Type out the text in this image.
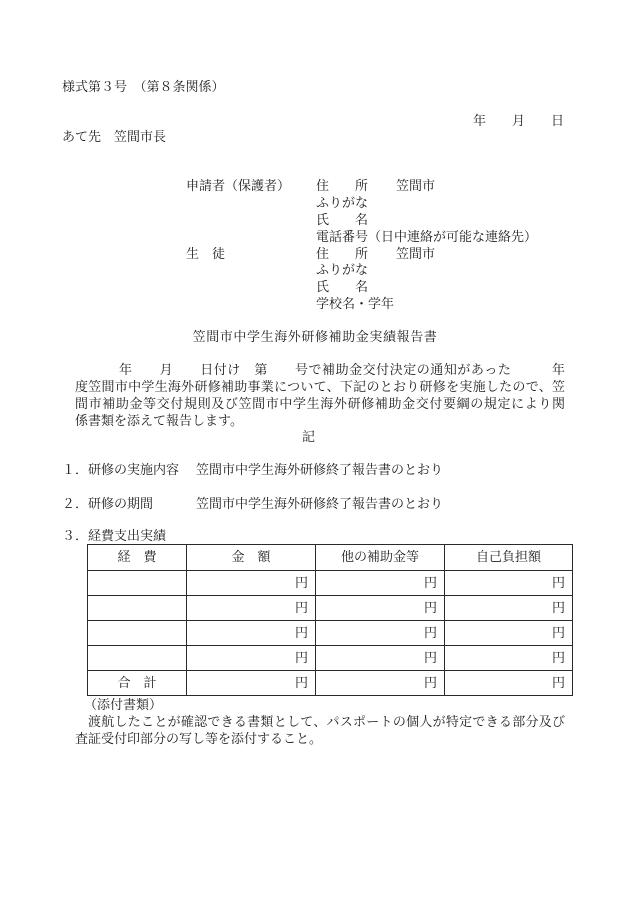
様式第３号　（第８条関係）
年　　月　　日
あて先　笠間市長
申請者（保護者） 住　　所 笠間市
ふりがな
氏　　名
電話番号（日中連絡が可能な連絡先）
生　徒	住　　所 笠間市
ふりがな
氏　　名
学校名・学年
笠間市中学生海外研修補助金実績報告書
年　　月　　日付け　第　　号で補助金交付決定の通知があった　　　年
度笠間市中学生海外研修補助事業について、下記のとおり研修を実施したので、笠
間市補助金等交付規則及び笠間市中学生海外研修補助金交付要綱の規定により関
係書類を添えて報告します。
記
１．研修の実施内容 笠間市中学生海外研修終了報告書のとおり
２．研修の期間	笠間市中学生海外研修終了報告書のとおり
３．経費支出実績
経　費	金　額	他の補助金等	自己負担額
	円	円	円
	円	円	円
	円	円	円
	円	円	円
合　計	円	円	円
（添付書類）
渡航したことが確認できる書類として、パスポートの個人が特定できる部分及び
査証受付印部分の写し等を添付すること。
